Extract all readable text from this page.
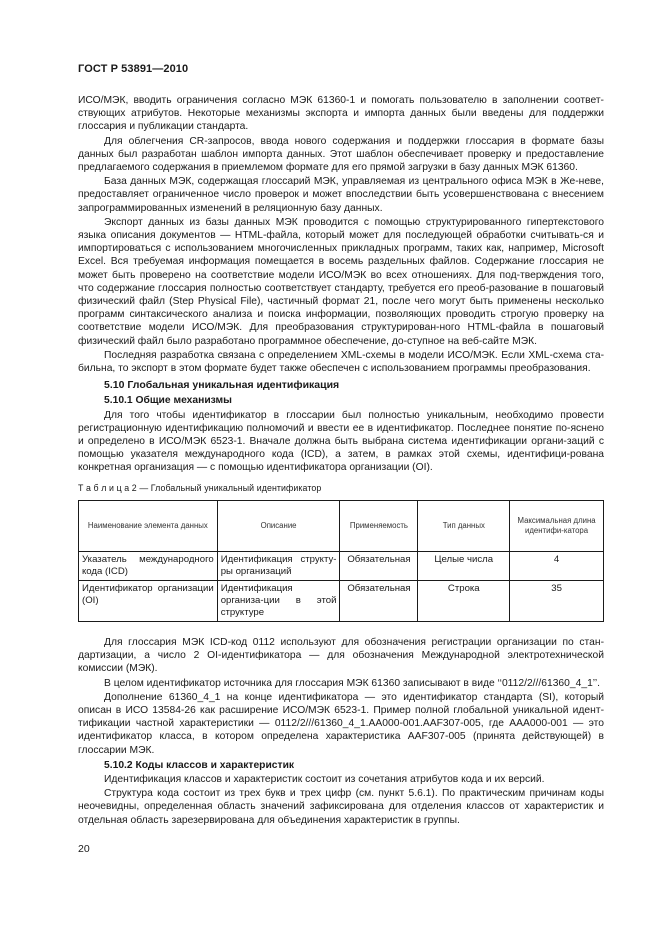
ГОСТ Р 53891—2010

ИСО/МЭК, вводить ограничения согласно МЭК 61360-1 и помогать пользователю в заполнении соответ-ствующих атрибутов. Некоторые механизмы экспорта и импорта данных были введены для поддержки глоссария и публикации стандарта.

Для облегчения CR-запросов, ввода нового содержания и поддержки глоссария в формате базы данных был разработан шаблон импорта данных. Этот шаблон обеспечивает проверку и предоставление предлагаемого содержания в приемлемом формате для его прямой загрузки в базу данных МЭК 61360.

База данных МЭК, содержащая глоссарий МЭК, управляемая из центрального офиса МЭК в Же-неве, предоставляет ограниченное число проверок и может впоследствии быть усовершенствована с внесением запрограммированных изменений в реляционную базу данных.

Экспорт данных из базы данных МЭК проводится с помощью структурированного гипертекстового языка описания документов — HTML-файла, который может для последующей обработки считывать-ся и импортироваться с использованием многочисленных прикладных программ, таких как, например, Microsoft Excel. Вся требуемая информация помещается в восемь раздельных файлов. Содержание глоссария не может быть проверено на соответствие модели ИСО/МЭК во всех отношениях. Для под-тверждения того, что содержание глоссария полностью соответствует стандарту, требуется его преоб-разование в пошаговый физический файл (Step Physical File), частичный формат 21, после чего могут быть применены несколько программ синтаксического анализа и поиска информации, позволяющих проводить строгую проверку на соответствие модели ИСО/МЭК. Для преобразования структурирован-ного HTML-файла в пошаговый физический файл было разработано программное обеспечение, до-ступное на веб-сайте МЭК.

Последняя разработка связана с определением XML-схемы в модели ИСО/МЭК. Если XML-схема ста-бильна, то экспорт в этом формате будет также обеспечен с использованием программы преобразования.

5.10 Глобальная уникальная идентификация
5.10.1 Общие механизмы

Для того чтобы идентификатор в глоссарии был полностью уникальным, необходимо провести регистрационную идентификацию полномочий и ввести ее в идентификатор. Последнее понятие по-яснено и определено в ИСО/МЭК 6523-1. Вначале должна быть выбрана система идентификации органи-заций с помощью указателя международного кода (ICD), а затем, в рамках этой схемы, идентифици-рована конкретная организация — с помощью идентификатора организации (OI).

Т а б л и ц а 2 — Глобальный уникальный идентификатор
Наименование элемента данных	Описание	Применяемость	Тип данных	Максимальная длина идентифи-катора
Указатель международного кода (ICD)	Идентификация структу-ры организаций	Обязательная	Целые числа	4
Идентификатор организации (OI)	Идентификация организа-ции в этой структуре	Обязательная	Строка	35

Для глоссария МЭК ICD-код 0112 используют для обозначения регистрации организации по стан-дартизации, а число 2 OI-идентификатора — для обозначения Международной электротехнической комиссии (МЭК).

В целом идентификатор источника для глоссария МЭК 61360 записывают в виде ‘‘0112/2///61360_4_1’’.

Дополнение 61360_4_1 на конце идентификатора — это идентификатор стандарта (SI), который описан в ИСО 13584-26 как расширение ИСО/МЭК 6523-1. Пример полной глобальной уникальной идент-тификации частной характеристики — 0112/2///61360_4_1.AA000-001.AAF307-005, где AAA000-001 — это идентификатор класса, в котором определена характеристика AAF307-005 (принята действующей) в глоссарии МЭК.

5.10.2 Коды классов и характеристик

Идентификация классов и характеристик состоит из сочетания атрибутов кода и их версий.

Структура кода состоит из трех букв и трех цифр (см. пункт 5.6.1). По практическим причинам коды неочевидны, определенная область значений зафиксирована для отделения классов от характеристик и отдельная область зарезервирована для объединения характеристик в группы.

20
